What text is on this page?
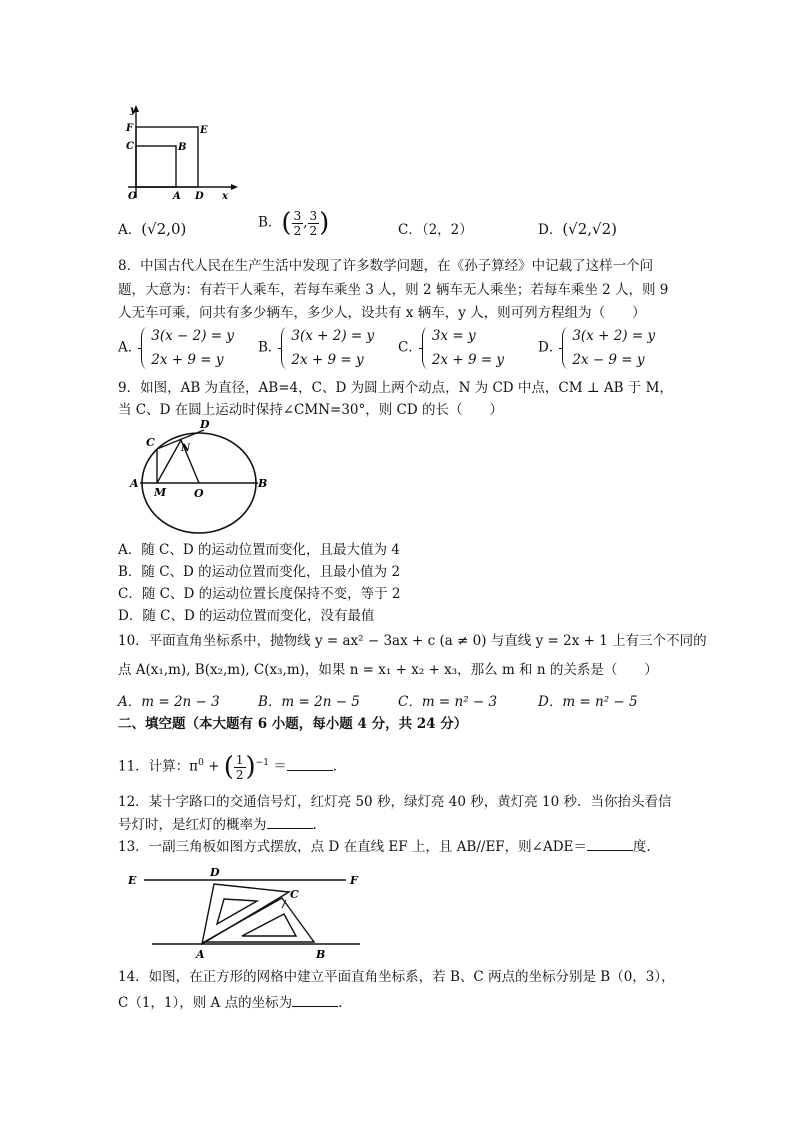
y
F	E
C	B
O	A D x
A．(√2,0)	B．( $\frac{3}{2}$ , $\frac{3}{2}$ )	C．（2，2）	D．(√2,√2)
8．中国古代人民在生产生活中发现了许多数学问题，在《孙子算经》中记载了这样一个问
题，大意为：有若干人乘车，若每车乘坐 3 人，则 2 辆车无人乘坐；若每车乘坐 2 人，则 9
人无车可乘，问共有多少辆车，多少人，设共有 x 辆车，y 人，则可列方程组为（　　）
A．
3(x − 2) = y
2x + 9 = y
B．
3(x + 2) = y
2x + 9 = y
C．
3x = y
2x + 9 = y
D．
3(x + 2) = y
2x − 9 = y
9．如图，AB 为直径，AB=4，C、D 为圆上两个动点，N 为 CD 中点，CM ⊥ AB 于 M，
当 C、D 在圆上运动时保持∠CMN=30°，则 CD 的长（　　）
C
D
N
A
M	O
B
A．随 C、D 的运动位置而变化，且最大值为 4
B．随 C、D 的运动位置而变化，且最小值为 2
C．随 C、D 的运动位置长度保持不变，等于 2
D．随 C、D 的运动位置而变化，没有最值
10．平面直角坐标系中，抛物线 y = ax² − 3ax + c (a ≠ 0) 与直线 y = 2x + 1 上有三个不同的
点 A(x₁,m), B(x₂,m), C(x₃,m)，如果 n = x₁ + x₂ + x₃，那么 m 和 n 的关系是（　　）
A．m = 2n − 3	B．m = 2n − 5	C．m = n² − 3	D．m = n² − 5
二、填空题（本大题有 6 小题，每小题 4 分，共 24 分）
11．计算：$\pi^0$ + ( $\frac{1}{2} )^{-1}$ ＝	.
12．某十字路口的交通信号灯，红灯亮 50 秒，绿灯亮 40 秒，黄灯亮 10 秒．当你抬头看信
号灯时，是红灯的概率为	.
13．一副三角板如图方式摆放，点 D 在直线 EF 上，且 AB//EF，则∠ADE＝	度.
E
D
F
C
A	B
14．如图，在正方形的网格中建立平面直角坐标系，若 B、C 两点的坐标分别是 B（0，3），
C（1，1），则 A 点的坐标为	.
